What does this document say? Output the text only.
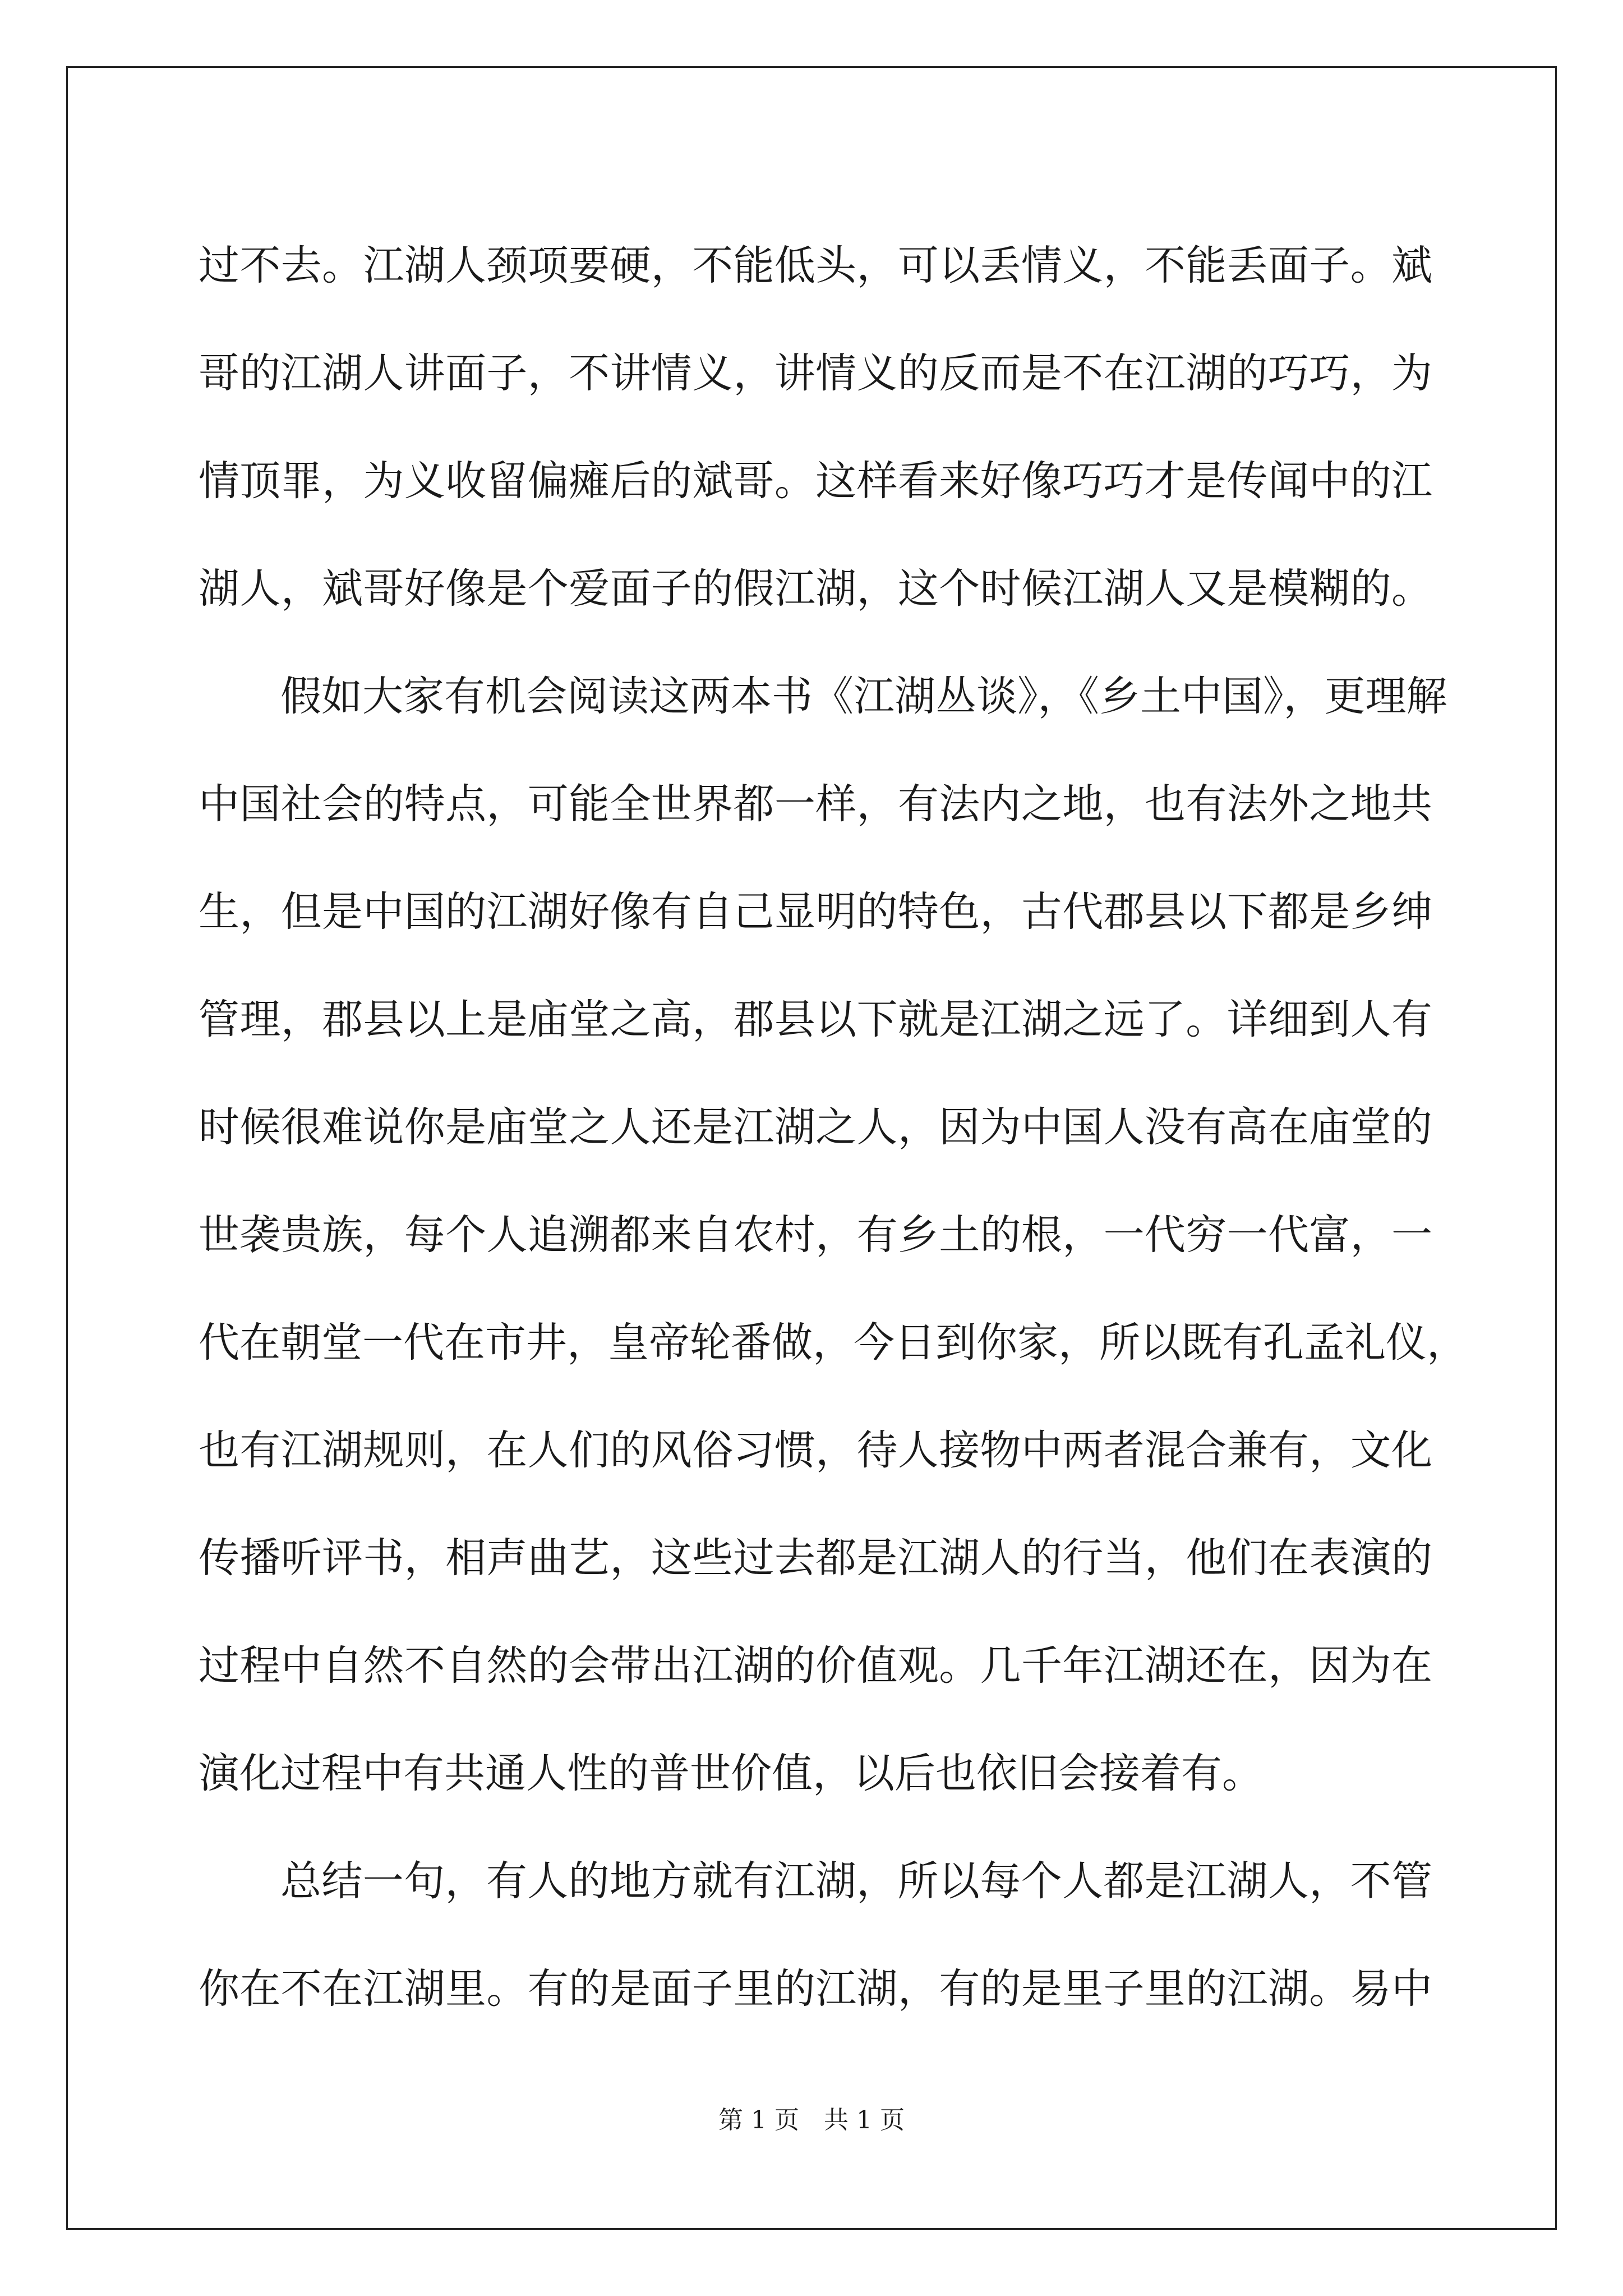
过不去。江湖人颈项要硬，不能低头，可以丢情义，不能丢面子。斌
哥的江湖人讲面子，不讲情义，讲情义的反而是不在江湖的巧巧，为
情顶罪，为义收留偏瘫后的斌哥。这样看来好像巧巧才是传闻中的江
湖人，斌哥好像是个爱面子的假江湖，这个时候江湖人又是模糊的。
假如大家有机会阅读这两本书《江湖丛谈》，《乡土中国》，更理解
中国社会的特点，可能全世界都一样，有法内之地，也有法外之地共
生，但是中国的江湖好像有自己显明的特色，古代郡县以下都是乡绅
管理，郡县以上是庙堂之高，郡县以下就是江湖之远了。详细到人有
时候很难说你是庙堂之人还是江湖之人，因为中国人没有高在庙堂的
世袭贵族，每个人追溯都来自农村，有乡土的根，一代穷一代富，一
代在朝堂一代在市井，皇帝轮番做，今日到你家，所以既有孔孟礼仪，
也有江湖规则，在人们的风俗习惯，待人接物中两者混合兼有，文化
传播听评书，相声曲艺，这些过去都是江湖人的行当，他们在表演的
过程中自然不自然的会带出江湖的价值观。几千年江湖还在，因为在
演化过程中有共通人性的普世价值，以后也依旧会接着有。
总结一句，有人的地方就有江湖，所以每个人都是江湖人，不管
你在不在江湖里。有的是面子里的江湖，有的是里子里的江湖。易中
第 1 页　共 1 页
